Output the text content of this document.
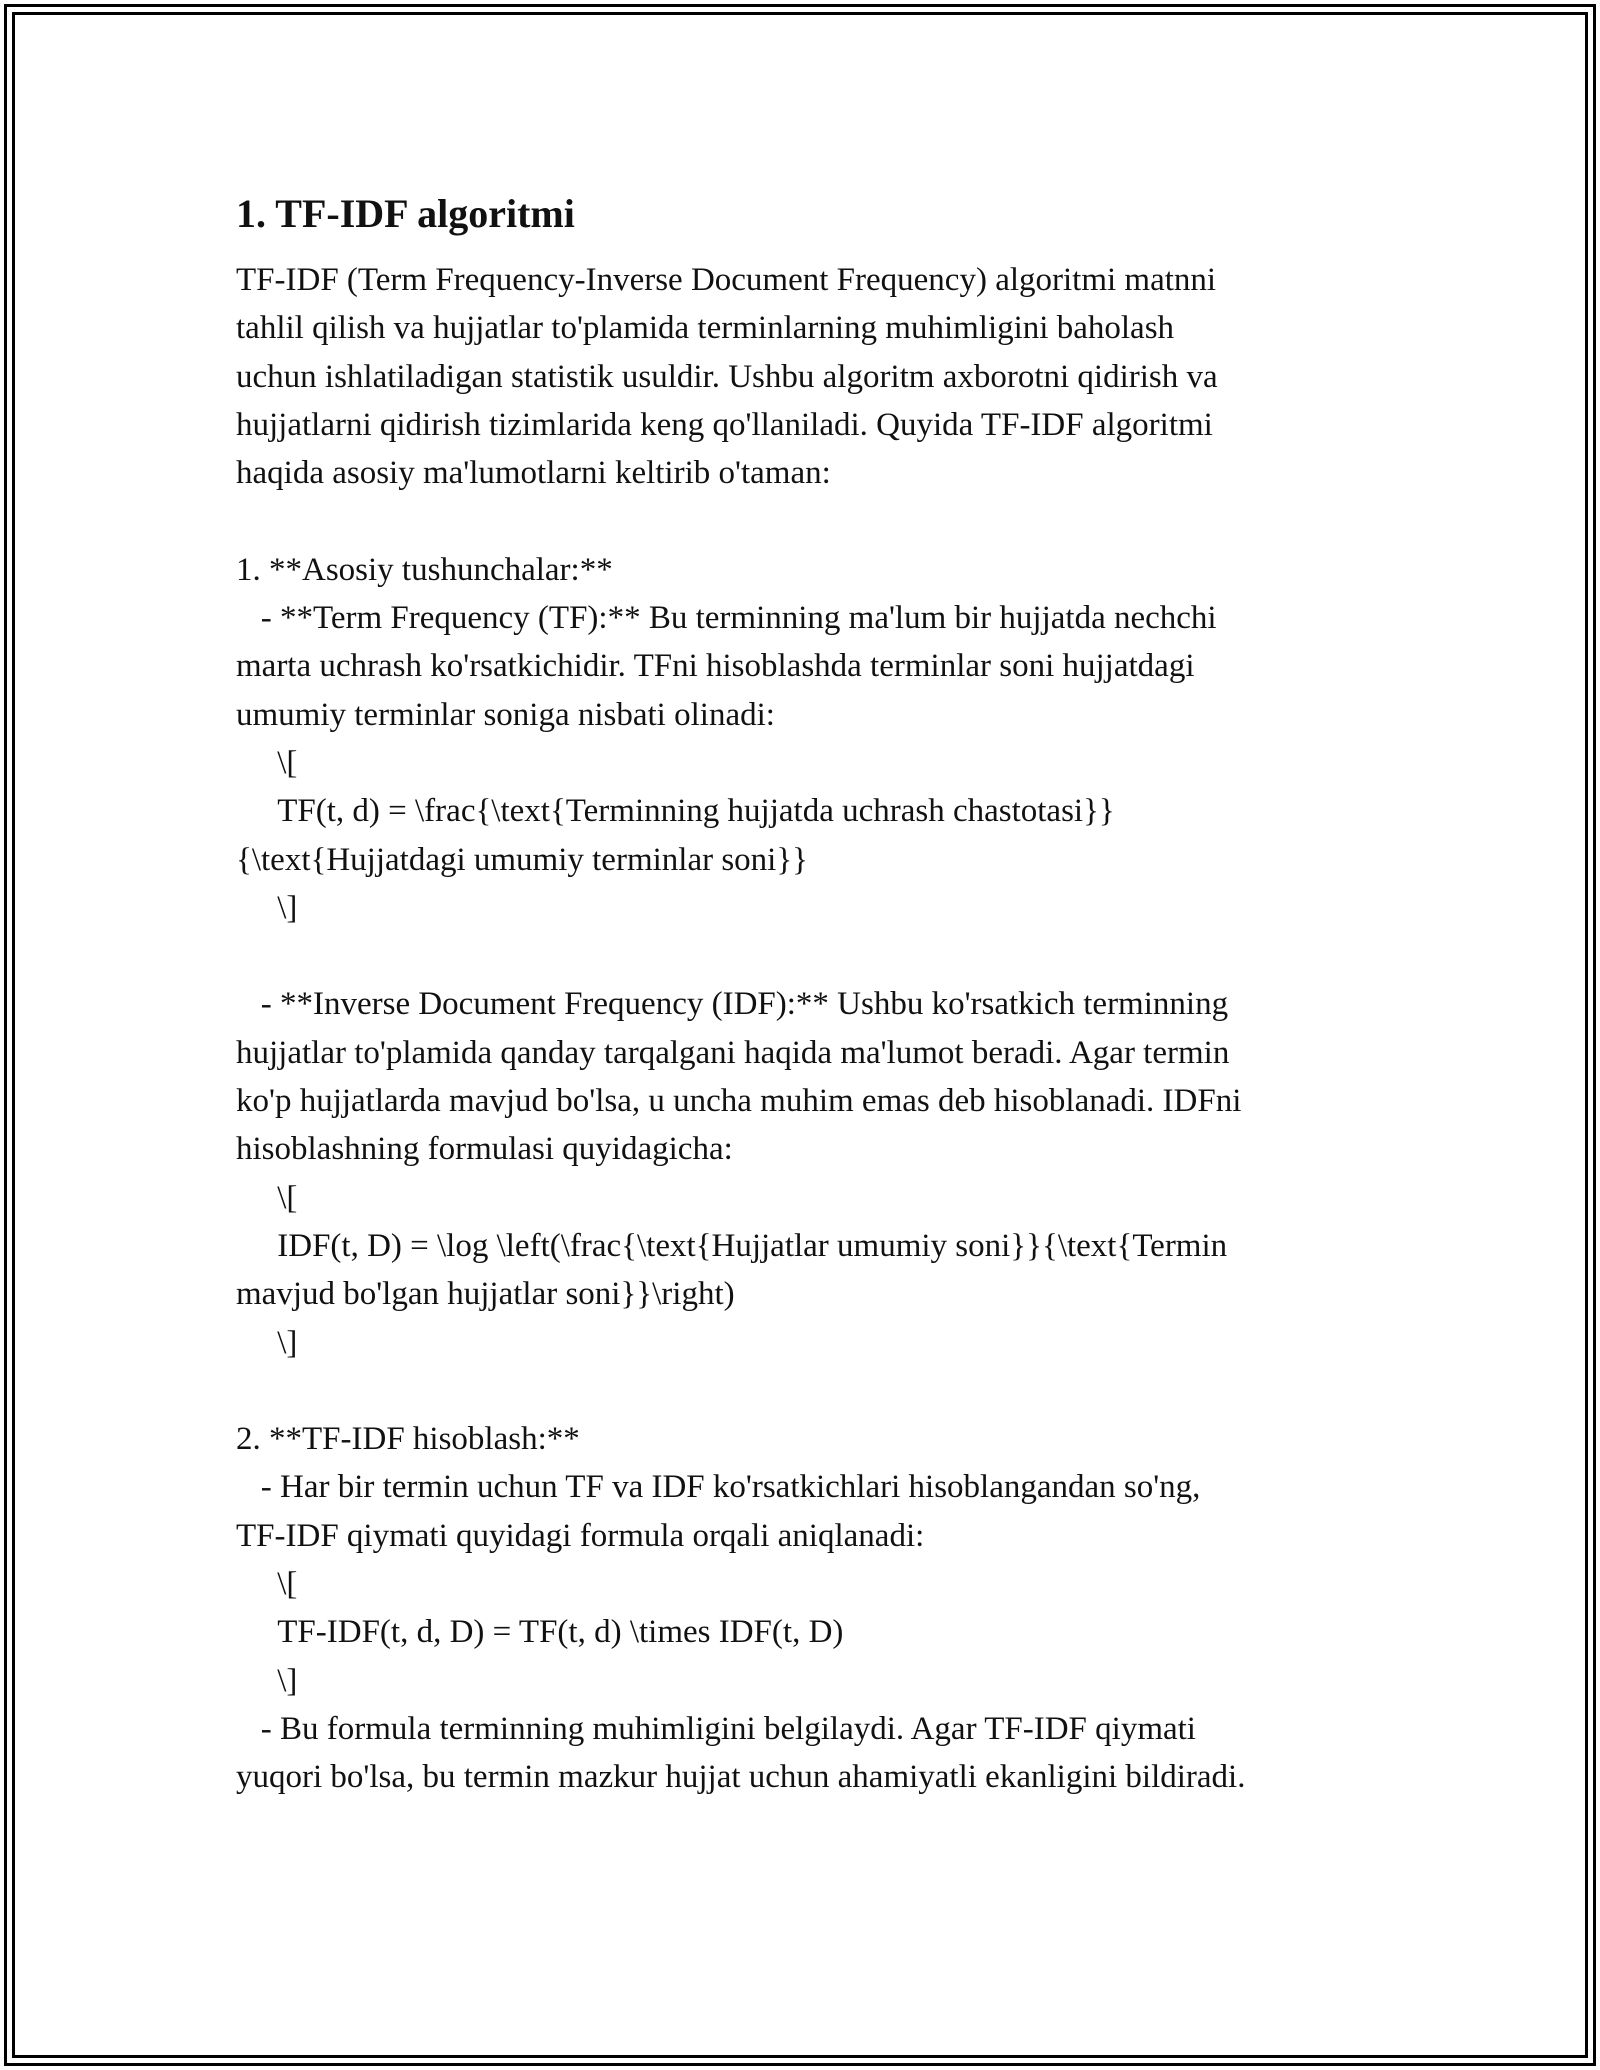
1. TF-IDF algoritmi
TF-IDF (Term Frequency-Inverse Document Frequency) algoritmi matnni
tahlil qilish va hujjatlar to'plamida terminlarning muhimligini baholash
uchun ishlatiladigan statistik usuldir. Ushbu algoritm axborotni qidirish va
hujjatlarni qidirish tizimlarida keng qo'llaniladi. Quyida TF-IDF algoritmi
haqida asosiy ma'lumotlarni keltirib o'taman:

1. **Asosiy tushunchalar:**
- **Term Frequency (TF):** Bu terminning ma'lum bir hujjatda nechchi
marta uchrash ko'rsatkichidir. TFni hisoblashda terminlar soni hujjatdagi
umumiy terminlar soniga nisbati olinadi:
\[
TF(t, d) = \frac{\text{Terminning hujjatda uchrash chastotasi}}
{\text{Hujjatdagi umumiy terminlar soni}}
\]

- **Inverse Document Frequency (IDF):** Ushbu ko'rsatkich terminning
hujjatlar to'plamida qanday tarqalgani haqida ma'lumot beradi. Agar termin
ko'p hujjatlarda mavjud bo'lsa, u uncha muhim emas deb hisoblanadi. IDFni
hisoblashning formulasi quyidagicha:
\[
IDF(t, D) = \log \left(\frac{\text{Hujjatlar umumiy soni}}{\text{Termin
mavjud bo'lgan hujjatlar soni}}\right)
\]

2. **TF-IDF hisoblash:**
- Har bir termin uchun TF va IDF ko'rsatkichlari hisoblangandan so'ng,
TF-IDF qiymati quyidagi formula orqali aniqlanadi:
\[
TF-IDF(t, d, D) = TF(t, d) \times IDF(t, D)
\]
- Bu formula terminning muhimligini belgilaydi. Agar TF-IDF qiymati
yuqori bo'lsa, bu termin mazkur hujjat uchun ahamiyatli ekanligini bildiradi.
